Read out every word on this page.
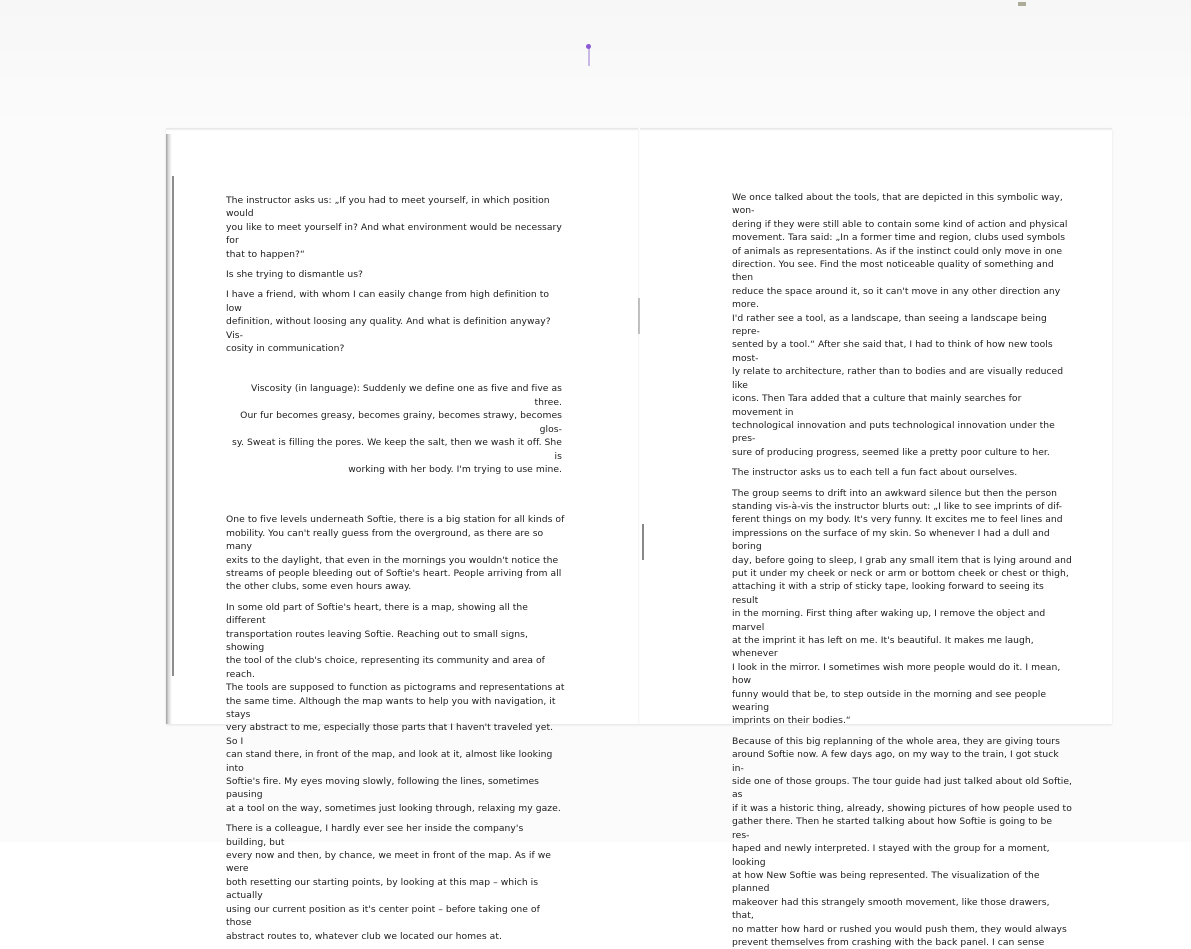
The instructor asks us: „If you had to meet yourself, in which position would
you like to meet yourself in? And what environment would be necessary for
that to happen?“

Is she trying to dismantle us?

I have a friend, with whom I can easily change from high definition to low
definition, without loosing any quality. And what is definition anyway? Vis-
cosity in communication?

Viscosity (in language): Suddenly we define one as five and five as three.
Our fur becomes greasy, becomes grainy, becomes strawy, becomes glos-
sy. Sweat is filling the pores. We keep the salt, then we wash it off. She is
working with her body. I'm trying to use mine.

One to five levels underneath Softie, there is a big station for all kinds of
mobility. You can't really guess from the overground, as there are so many
exits to the daylight, that even in the mornings you wouldn't notice the
streams of people bleeding out of Softie's heart. People arriving from all
the other clubs, some even hours away.

In some old part of Softie's heart, there is a map, showing all the different
transportation routes leaving Softie. Reaching out to small signs, showing
the tool of the club's choice, representing its community and area of reach.
The tools are supposed to function as pictograms and representations at
the same time. Although the map wants to help you with navigation, it stays
very abstract to me, especially those parts that I haven't traveled yet. So I
can stand there, in front of the map, and look at it, almost like looking into
Softie's fire. My eyes moving slowly, following the lines, sometimes pausing
at a tool on the way, sometimes just looking through, relaxing my gaze.

There is a colleague, I hardly ever see her inside the company's building, but
every now and then, by chance, we meet in front of the map. As if we were
both resetting our starting points, by looking at this map – which is actually
using our current position as it's center point – before taking one of those
abstract routes to, whatever club we located our homes at.

We once talked about the tools, that are depicted in this symbolic way, won-
dering if they were still able to contain some kind of action and physical
movement. Tara said: „In a former time and region, clubs used symbols
of animals as representations. As if the instinct could only move in one
direction. You see. Find the most noticeable quality of something and then
reduce the space around it, so it can't move in any other direction any more.
I'd rather see a tool, as a landscape, than seeing a landscape being repre-
sented by a tool.“ After she said that, I had to think of how new tools most-
ly relate to architecture, rather than to bodies and are visually reduced like
icons. Then Tara added that a culture that mainly searches for movement in
technological innovation and puts technological innovation under the pres-
sure of producing progress, seemed like a pretty poor culture to her.

The instructor asks us to each tell a fun fact about ourselves.

The group seems to drift into an awkward silence but then the person
standing vis-à-vis the instructor blurts out: „I like to see imprints of dif-
ferent things on my body. It's very funny. It excites me to feel lines and
impressions on the surface of my skin. So whenever I had a dull and boring
day, before going to sleep, I grab any small item that is lying around and
put it under my cheek or neck or arm or bottom cheek or chest or thigh,
attaching it with a strip of sticky tape, looking forward to seeing its result
in the morning. First thing after waking up, I remove the object and marvel
at the imprint it has left on me. It's beautiful. It makes me laugh, whenever
I look in the mirror. I sometimes wish more people would do it. I mean, how
funny would that be, to step outside in the morning and see people wearing
imprints on their bodies.“

Because of this big replanning of the whole area, they are giving tours
around Softie now. A few days ago, on my way to the train, I got stuck in-
side one of those groups. The tour guide had just talked about old Softie, as
if it was a historic thing, already, showing pictures of how people used to
gather there. Then he started talking about how Softie is going to be res-
haped and newly interpreted. I stayed with the group for a moment, looking
at how New Softie was being represented. The visualization of the planned
makeover had this strangely smooth movement, like those drawers, that,
no matter how hard or rushed you would push them, they would always
prevent themselves from crashing with the back panel. I can sense
